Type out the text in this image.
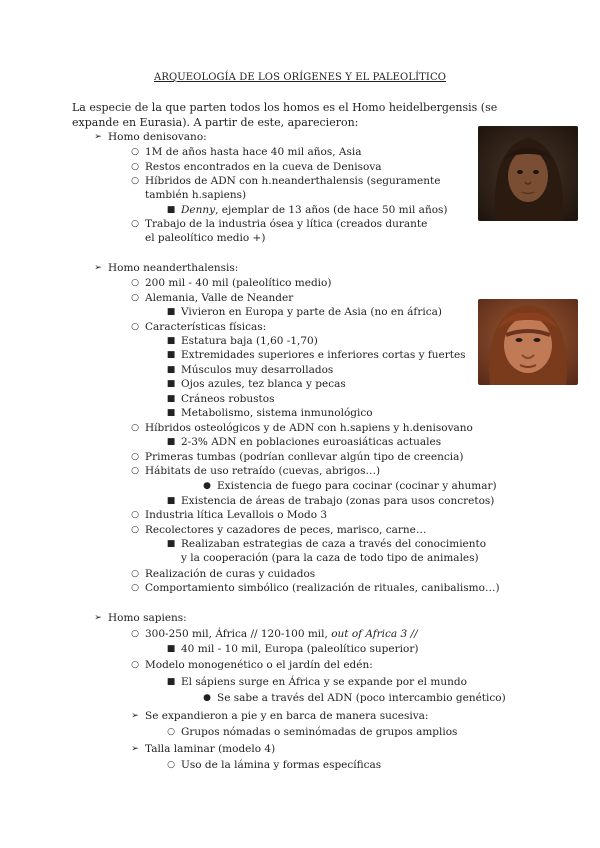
ARQUEOLOGÍA DE LOS ORÍGENES Y EL PALEOLÍTICO
La especie de la que parten todos los homos es el Homo heidelbergensis (se expande en Eurasia). A partir de este, aparecieron:
➢ Homo denisovano:
○ 1M de años hasta hace 40 mil años, Asia
○ Restos encontrados en la cueva de Denisova
○ Híbridos de ADN con h.neanderthalensis (seguramente también h.sapiens)
■ Denny, ejemplar de 13 años (de hace 50 mil años)
○ Trabajo de la industria ósea y lítica (creados durante el paleolítico medio +)
➢ Homo neanderthalensis:
○ 200 mil - 40 mil (paleolítico medio)
○ Alemania, Valle de Neander
■ Vivieron en Europa y parte de Asia (no en áfrica)
○ Características físicas:
■ Estatura baja (1,60 -1,70)
■ Extremidades superiores e inferiores cortas y fuertes
■ Músculos muy desarrollados
■ Ojos azules, tez blanca y pecas
■ Cráneos robustos
■ Metabolismo, sistema inmunológico
○ Híbridos osteológicos y de ADN con h.sapiens y h.denisovano
■ 2-3% ADN en poblaciones euroasiáticas actuales
○ Primeras tumbas (podrían conllevar algún tipo de creencia)
○ Hábitats de uso retraído (cuevas, abrigos…)
● Existencia de fuego para cocinar (cocinar y ahumar)
■ Existencia de áreas de trabajo (zonas para usos concretos)
○ Industria lítica Levallois o Modo 3
○ Recolectores y cazadores de peces, marisco, carne…
■ Realizaban estrategias de caza a través del conocimiento y la cooperación (para la caza de todo tipo de animales)
○ Realización de curas y cuidados
○ Comportamiento simbólico (realización de rituales, canibalismo…)
➢ Homo sapiens:
○ 300-250 mil, África // 120-100 mil, out of Africa 3 //
■ 40 mil - 10 mil, Europa (paleolítico superior)
○ Modelo monogenético o el jardín del edén:
■ El sápiens surge en África y se expande por el mundo
● Se sabe a través del ADN (poco intercambio genético)
➢ Se expandieron a pie y en barca de manera sucesiva:
○ Grupos nómadas o seminómadas de grupos amplios
➢ Talla laminar (modelo 4)
○ Uso de la lámina y formas específicas
